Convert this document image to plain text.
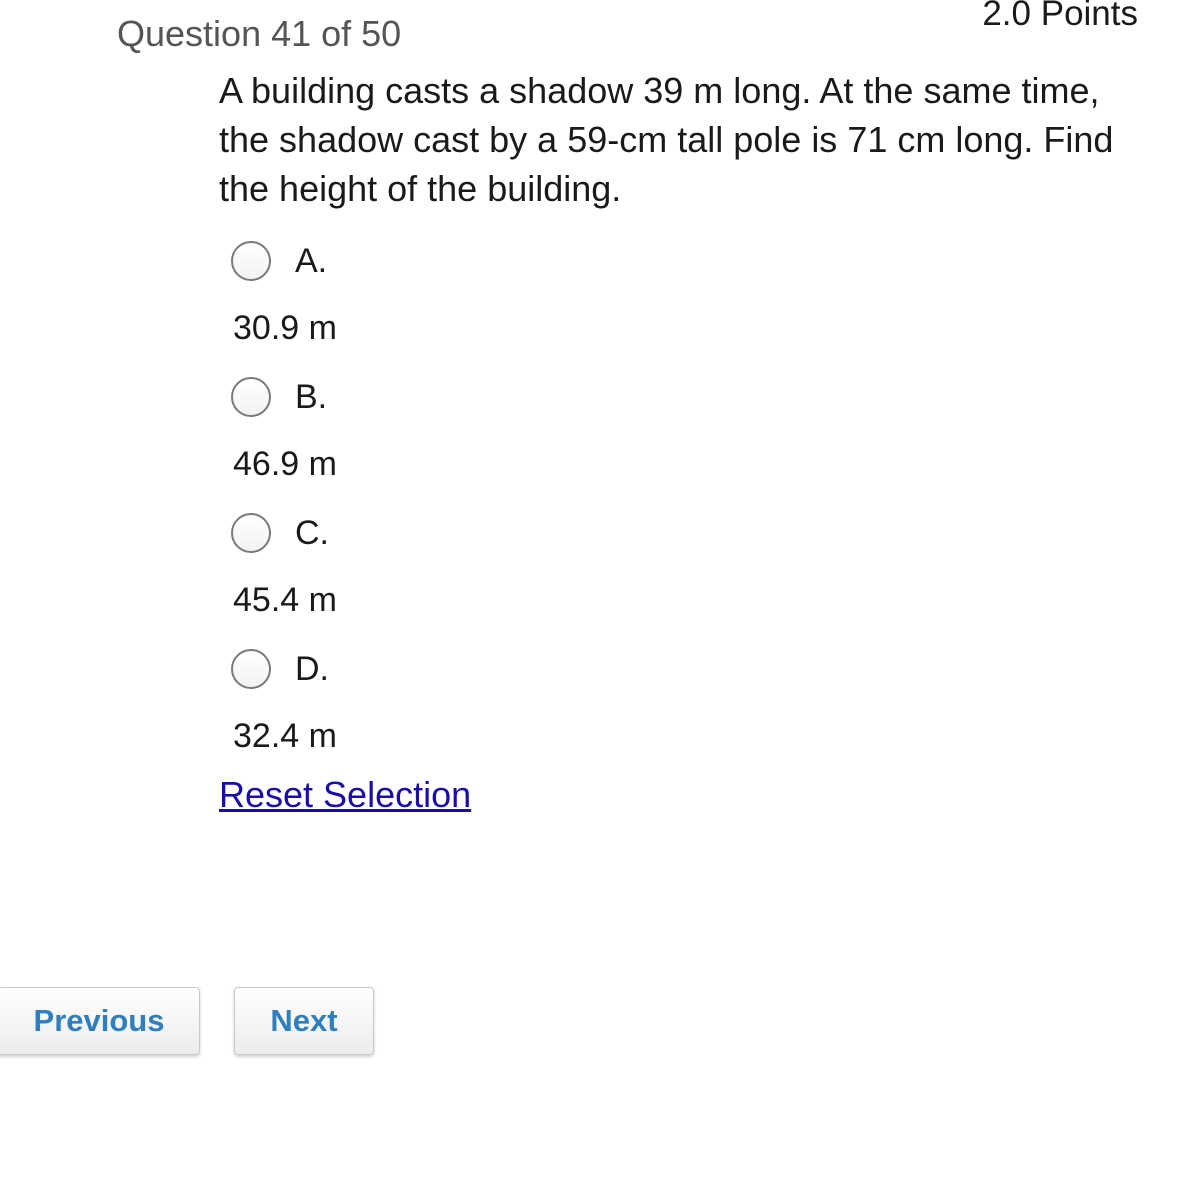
Question 41 of 50	2.0 Points
A building casts a shadow 39 m long. At the same time, the shadow cast by a 59-cm tall pole is 71 cm long. Find the height of the building.
A.
30.9 m
B.
46.9 m
C.
45.4 m
D.
32.4 m
Reset Selection
Previous	Next
